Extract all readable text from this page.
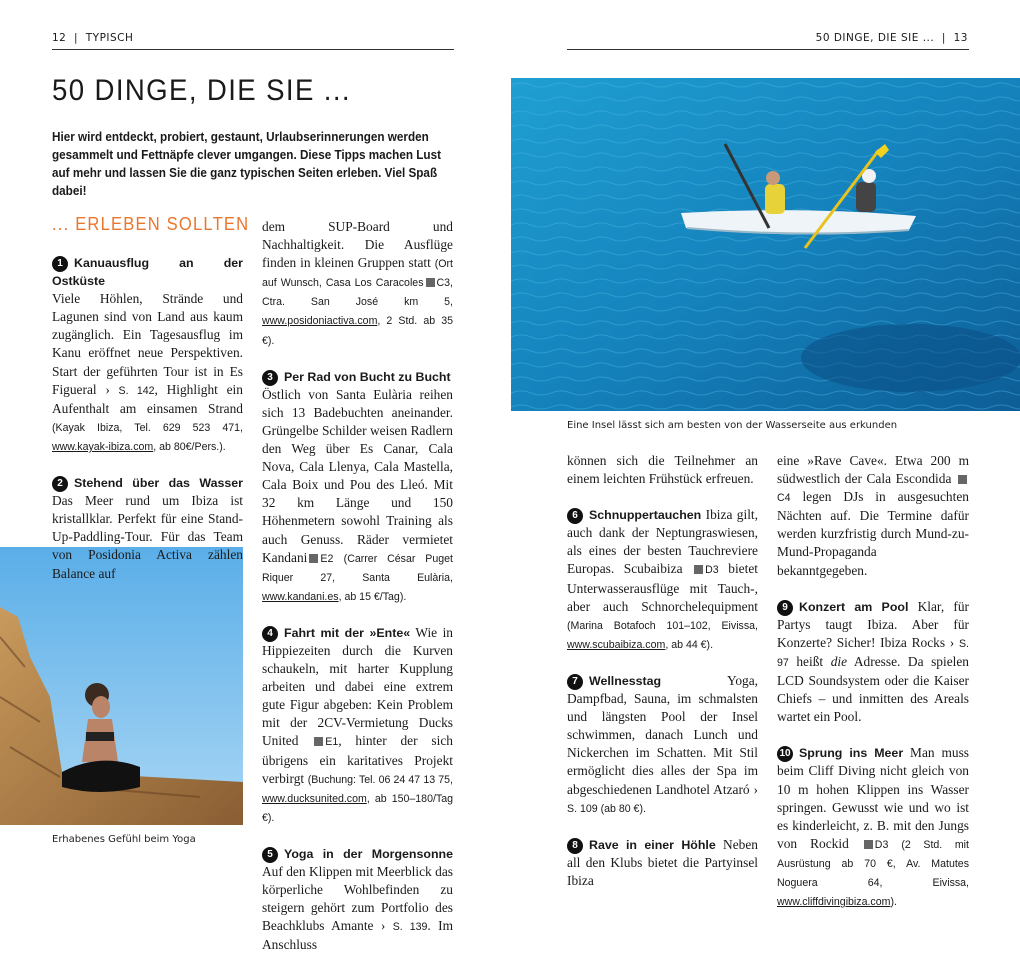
12  |  TYPISCH	50 DINGE, DIE SIE ...  |  13
50 DINGE, DIE SIE ...
Hier wird entdeckt, probiert, gestaunt, Urlaubserinnerungen werden gesammelt und Fettnäpfe clever umgangen. Diese Tipps machen Lust auf mehr und lassen Sie die ganz typischen Seiten erleben. Viel Spaß dabei!
... ERLEBEN SOLLTEN
Eine Insel lässt sich am besten von der Wasserseite aus erkunden
Erhabenes Gefühl beim Yoga

1 Kanuausflug an der Ostküste
Viele Höhlen, Strände und Lagunen sind von Land aus kaum zugänglich. Ein Tagesausflug im Kanu eröffnet neue Perspektiven. Start der geführten Tour ist in Es Figueral › S. 142, Highlight ein Aufenthalt am einsamen Strand (Kayak Ibiza, Tel. 629 523 471, www.kayak-ibiza.com, ab 80€/Pers.).

2 Stehend über das Wasser Das Meer rund um Ibiza ist kristallklar. Perfekt für eine Stand-Up-Paddling-Tour. Für das Team von Posidonia Activa zählen Balance auf

dem SUP-Board und Nachhaltigkeit. Die Ausflüge finden in kleinen Gruppen statt (Ort auf Wunsch, Casa Los Caracoles C3, Ctra. San José km 5, www.posidoniactiva.com, 2 Std. ab 35 €).

3 Per Rad von Bucht zu Bucht
Östlich von Santa Eulària reihen sich 13 Badebuchten aneinander. Grüngelbe Schilder weisen Radlern den Weg über Es Canar, Cala Nova, Cala Llenya, Cala Mastella, Cala Boix und Pou des Lleó. Mit 32 km Länge und 150 Höhenmetern sowohl Training als auch Genuss. Räder vermietet Kandani E2 (Carrer César Puget Riquer 27, Santa Eulària, www.kandani.es, ab 15 €/Tag).

4 Fahrt mit der »Ente« Wie in Hippiezeiten durch die Kurven schaukeln, mit harter Kupplung arbeiten und dabei eine extrem gute Figur abgeben: Kein Problem mit der 2CV-Vermietung Ducks United	E1, hinter der sich übrigens ein karitatives Projekt verbirgt (Buchung: Tel. 06 24 47 13 75, www.ducksunited.com, ab 150–180/Tag €).

5 Yoga in der Morgensonne Auf den Klippen mit Meerblick das körperliche Wohlbefinden zu steigern gehört zum Portfolio des Beachklubs Amante › S. 139. Im Anschluss

können sich die Teilnehmer an einem leichten Frühstück erfreuen.

6 Schnuppertauchen Ibiza gilt, auch dank der Neptungraswiesen, als eines der besten Tauchreviere Europas. Scubaibiza D3 bietet Unterwasserausflüge mit Tauch-, aber auch Schnorchelequipment (Marina Botafoch 101–102, Eivissa, www.scubaibiza.com, ab 44 €).

7 Wellnesstag	Yoga, Dampfbad, Sauna, im schmalsten und längsten Pool der Insel schwimmen, danach Lunch und Nickerchen im Schatten. Mit Stil ermöglicht dies alles der Spa im abgeschiedenen Landhotel Atzaró › S. 109 (ab 80 €).

8 Rave in einer Höhle Neben all den Klubs bietet die Partyinsel Ibiza

eine »Rave Cave«. Etwa 200 m südwestlich der Cala Escondida C4 legen DJs in ausgesuchten Nächten auf. Die Termine dafür werden kurzfristig durch Mund-zu-Mund-Propaganda bekanntgegeben.

9 Konzert am Pool Klar, für Partys taugt Ibiza. Aber für Konzerte? Sicher! Ibiza Rocks › S. 97 heißt die Adresse. Da spielen LCD Soundsystem oder die Kaiser Chiefs – und inmitten des Areals wartet ein Pool.

10 Sprung ins Meer Man muss beim Cliff Diving nicht gleich von 10 m hohen Klippen ins Wasser springen. Gewusst wie und wo ist es kinderleicht, z. B. mit den Jungs von Rockid D3 (2 Std. mit Ausrüstung ab 70 €, Av. Matutes Noguera 64, Eivissa, www.cliffdivingibiza.com).
